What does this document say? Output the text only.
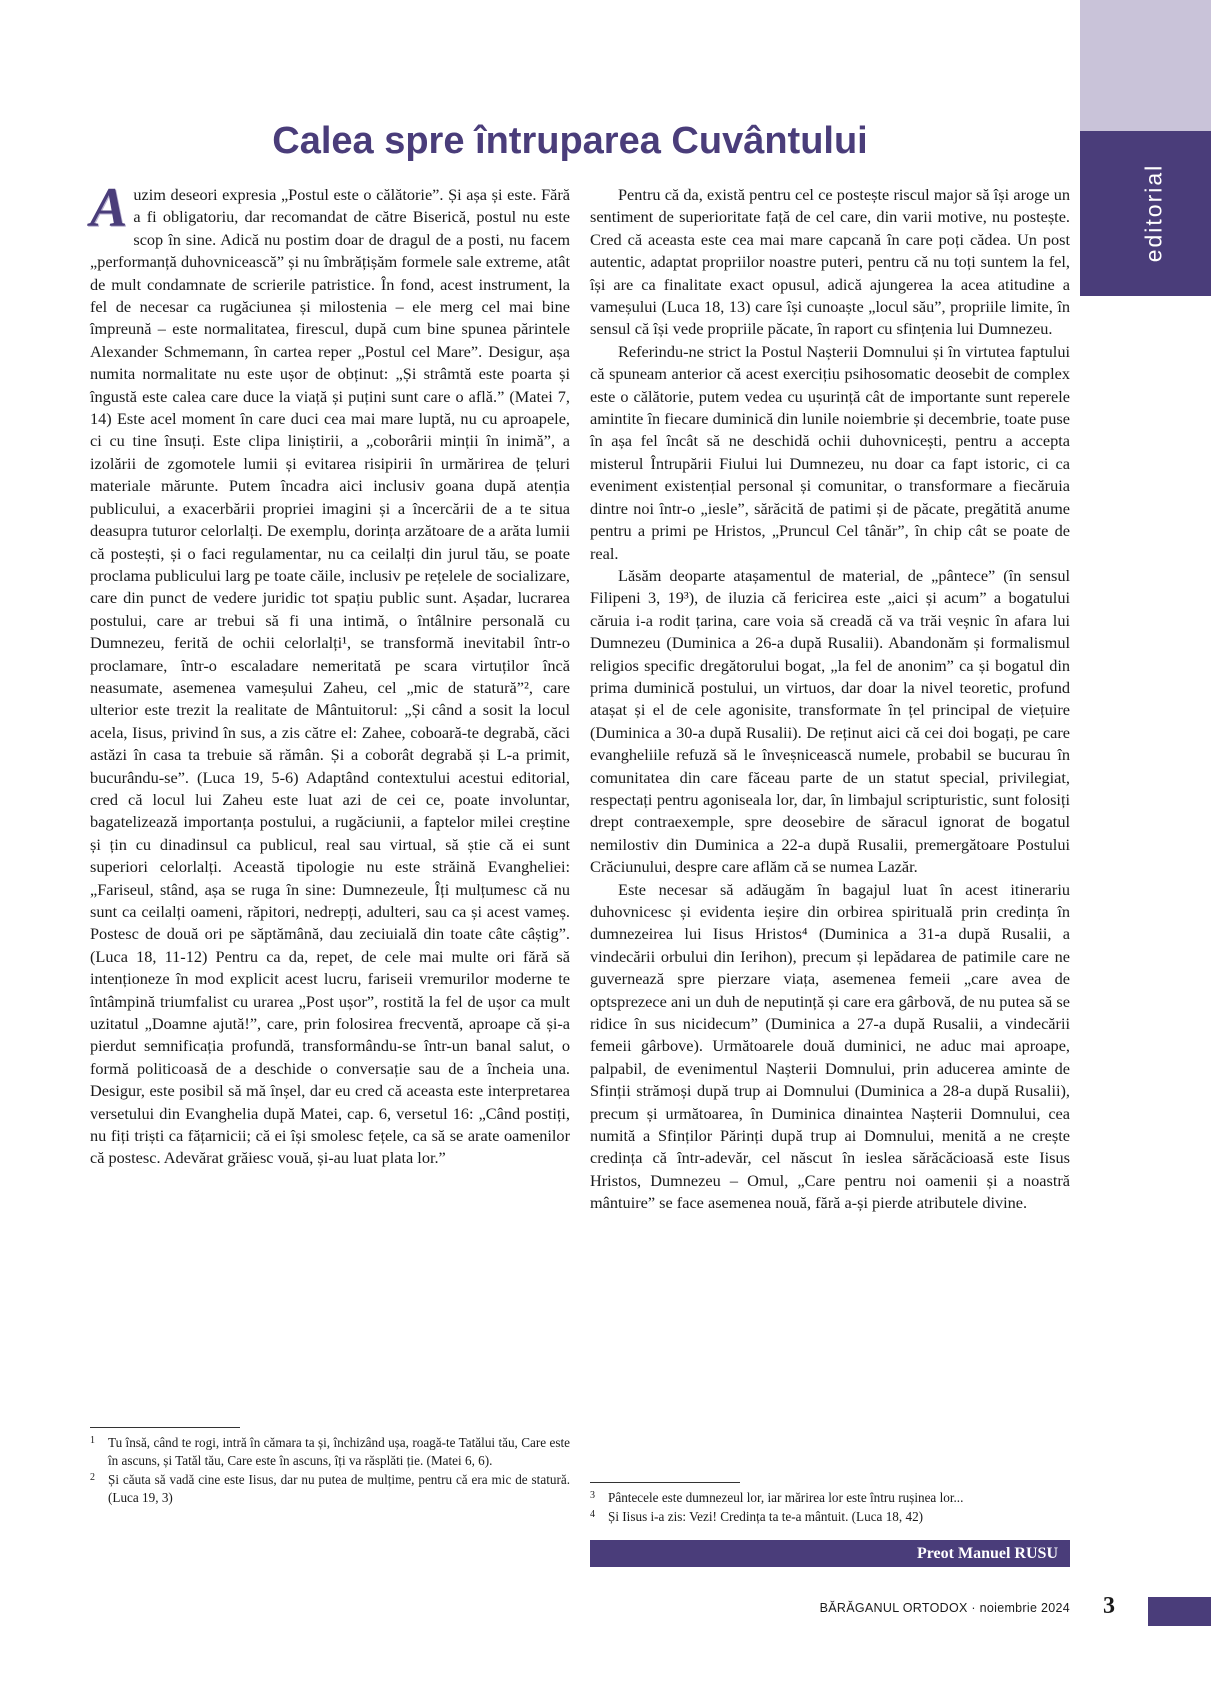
editorial
Calea spre întruparea Cuvântului

Auzim deseori expresia „Postul este o călătorie”. Și așa și este. Fără a fi obligatoriu, dar recomandat de către Biserică, postul nu este scop în sine. Adică nu postim doar de dragul de a posti, nu facem „performanță duhovnicească” și nu îmbrățișăm formele sale extreme, atât de mult condamnate de scrierile patristice. În fond, acest instrument, la fel de necesar ca rugăciunea și milostenia – ele merg cel mai bine împreună – este normalitatea, firescul, după cum bine spunea părintele Alexander Schmemann, în cartea reper „Postul cel Mare”. Desigur, așa numita normalitate nu este ușor de obținut: „Și strâmtă este poarta și îngustă este calea care duce la viață și puțini sunt care o află.” (Matei 7, 14) Este acel moment în care duci cea mai mare luptă, nu cu aproapele, ci cu tine însuți. Este clipa liniștirii, a „coborârii minții în inimă”, a izolării de zgomotele lumii și evitarea risipirii în urmărirea de țeluri materiale mărunte. Putem încadra aici inclusiv goana după atenția publicului, a exacerbării propriei imagini și a încercării de a te situa deasupra tuturor celorlalți. De exemplu, dorința arzătoare de a arăta lumii că postești, și o faci regulamentar, nu ca ceilalți din jurul tău, se poate proclama publicului larg pe toate căile, inclusiv pe rețelele de socializare, care din punct de vedere juridic tot spațiu public sunt. Așadar, lucrarea postului, care ar trebui să fi una intimă, o întâlnire personală cu Dumnezeu, ferită de ochii celorlalți¹, se transformă inevitabil într-o proclamare, într-o escaladare nemeritată pe scara virtuților încă neasumate, asemenea vameșului Zaheu, cel „mic de statură”², care ulterior este trezit la realitate de Mântuitorul: „Și când a sosit la locul acela, Iisus, privind în sus, a zis către el: Zahee, coboară-te degrabă, căci astăzi în casa ta trebuie să rămân. Și a coborât degrabă și L-a primit, bucurându-se”. (Luca 19, 5-6) Adaptând contextului acestui editorial, cred că locul lui Zaheu este luat azi de cei ce, poate involuntar, bagatelizează importanța postului, a rugăciunii, a faptelor milei creștine și țin cu dinadinsul ca publicul, real sau virtual, să știe că ei sunt superiori celorlalți. Această tipologie nu este străină Evangheliei: „Fariseul, stând, așa se ruga în sine: Dumnezeule, Îți mulțumesc că nu sunt ca ceilalți oameni, răpitori, nedrepți, adulteri, sau ca și acest vameș. Postesc de două ori pe săptămână, dau zeciuială din toate câte câștig”. (Luca 18, 11-12) Pentru ca da, repet, de cele mai multe ori fără să intenționeze în mod explicit acest lucru, fariseii vremurilor moderne te întâmpină triumfalist cu urarea „Post ușor”, rostită la fel de ușor ca mult uzitatul „Doamne ajută!”, care, prin folosirea frecventă, aproape că și-a pierdut semnificația profundă, transformându-se într-un banal salut, o formă politicoasă de a deschide o conversație sau de a încheia una. Desigur, este posibil să mă înșel, dar eu cred că aceasta este interpretarea versetului din Evanghelia după Matei, cap. 6, versetul 16: „Când postiți, nu fiți triști ca fățarnicii; că ei își smolesc fețele, ca să se arate oamenilor că postesc. Adevărat grăiesc vouă, și-au luat plata lor.”

1 Tu însă, când te rogi, intră în cămara ta și, închizând ușa, roagă-te Tatălui tău, Care este în ascuns, și Tatăl tău, Care este în ascuns, îți va răsplăti ție. (Matei 6, 6).
2 Și căuta să vadă cine este Iisus, dar nu putea de mulțime, pentru că era mic de statură. (Luca 19, 3)

Pentru că da, există pentru cel ce postește riscul major să își aroge un sentiment de superioritate față de cel care, din varii motive, nu postește. Cred că aceasta este cea mai mare capcană în care poți cădea. Un post autentic, adaptat propriilor noastre puteri, pentru că nu toți suntem la fel, își are ca finalitate exact opusul, adică ajungerea la acea atitudine a vameșului (Luca 18, 13) care își cunoaște „locul său”, propriile limite, în sensul că își vede propriile păcate, în raport cu sfințenia lui Dumnezeu.

Referindu-ne strict la Postul Nașterii Domnului și în virtutea faptului că spuneam anterior că acest exercițiu psihosomatic deosebit de complex este o călătorie, putem vedea cu ușurință cât de importante sunt reperele amintite în fiecare duminică din lunile noiembrie și decembrie, toate puse în așa fel încât să ne deschidă ochii duhovnicești, pentru a accepta misterul Întrupării Fiului lui Dumnezeu, nu doar ca fapt istoric, ci ca eveniment existențial personal și comunitar, o transformare a fiecăruia dintre noi într-o „iesle”, sărăcită de patimi și de păcate, pregătită anume pentru a primi pe Hristos, „Pruncul Cel tânăr”, în chip cât se poate de real.

Lăsăm deoparte atașamentul de material, de „pântece” (în sensul Filipeni 3, 19³), de iluzia că fericirea este „aici și acum” a bogatului căruia i-a rodit țarina, care voia să creadă că va trăi veșnic în afara lui Dumnezeu (Duminica a 26-a după Rusalii). Abandonăm și formalismul religios specific dregătorului bogat, „la fel de anonim” ca și bogatul din prima duminică postului, un virtuos, dar doar la nivel teoretic, profund atașat și el de cele agonisite, transformate în țel principal de viețuire (Duminica a 30-a după Rusalii). De reținut aici că cei doi bogați, pe care evangheliile refuză să le înveșnicească numele, probabil se bucurau în comunitatea din care făceau parte de un statut special, privilegiat, respectați pentru agoniseala lor, dar, în limbajul scripturistic, sunt folosiți drept contraexemple, spre deosebire de săracul ignorat de bogatul nemilostiv din Duminica a 22-a după Rusalii, premergătoare Postului Crăciunului, despre care aflăm că se numea Lazăr.

Este necesar să adăugăm în bagajul luat în acest itinerariu duhovnicesc și evidenta ieșire din orbirea spirituală prin credința în dumnezeirea lui Iisus Hristos⁴ (Duminica a 31-a după Rusalii, a vindecării orbului din Ierihon), precum și lepădarea de patimile care ne guvernează spre pierzare viața, asemenea femeii „care avea de optsprezece ani un duh de neputință și care era gârbovă, de nu putea să se ridice în sus nicidecum” (Duminica a 27-a după Rusalii, a vindecării femeii gârbove). Următoarele două duminici, ne aduc mai aproape, palpabil, de evenimentul Nașterii Domnului, prin aducerea aminte de Sfinții strămoși după trup ai Domnului (Duminica a 28-a după Rusalii), precum și următoarea, în Duminica dinaintea Nașterii Domnului, cea numită a Sfinților Părinți după trup ai Domnului, menită a ne crește credința că într-adevăr, cel născut în ieslea sărăcăcioasă este Iisus Hristos, Dumnezeu – Omul, „Care pentru noi oamenii și a noastră mântuire” se face asemenea nouă, fără a-și pierde atributele divine.

3 Pântecele este dumnezeul lor, iar mărirea lor este întru rușinea lor...
4 Și Iisus i-a zis: Vezi! Credința ta te-a mântuit. (Luca 18, 42)
Preot Manuel RUSU
BĂRĂGANUL ORTODOX · noiembrie 2024 3
